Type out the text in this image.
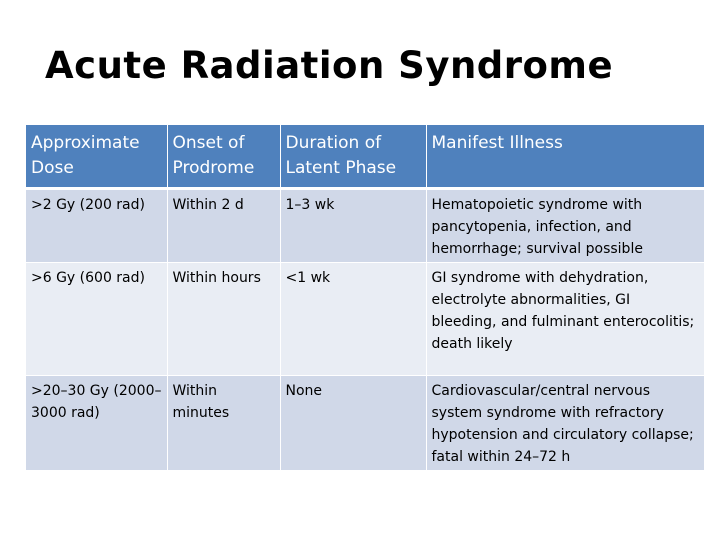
Acute Radiation Syndrome
Approximate Dose	Onset of Prodrome	Duration of Latent Phase	Manifest Illness
>2 Gy (200 rad)	Within 2 d	1–3 wk	Hematopoietic syndrome with pancytopenia, infection, and hemorrhage; survival possible
>6 Gy (600 rad)	Within hours	<1 wk	GI syndrome with dehydration, electrolyte abnormalities, GI bleeding, and fulminant enterocolitis; death likely
>20–30 Gy (2000–3000 rad)	Within minutes	None	Cardiovascular/central nervous system syndrome with refractory hypotension and circulatory collapse; fatal within 24–72 h
